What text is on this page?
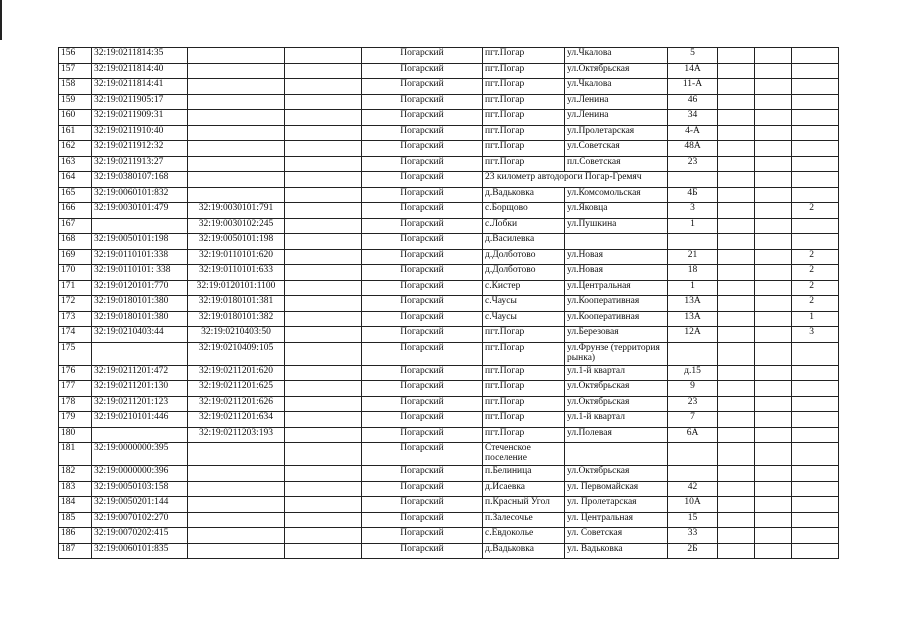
156	32:19:0211814:35			Погарский	пгт.Погар	ул.Чкалова	5			
157	32:19:0211814:40			Погарский	пгт.Погар	ул.Октябрьская	14А			
158	32:19:0211814:41			Погарский	пгт.Погар	ул.Чкалова	11-А			
159	32:19:0211905:17			Погарский	пгт.Погар	ул.Ленина	46			
160	32:19:0211909:31			Погарский	пгт.Погар	ул.Ленина	34			
161	32:19:0211910:40			Погарский	пгт.Погар	ул.Пролетарская	4-А			
162	32:19:0211912:32			Погарский	пгт.Погар	ул.Советская	48А			
163	32:19:0211913:27			Погарский	пгт.Погар	пл.Советская	23			
164	32:19:0380107:168			Погарский	23 километр автодороги Погар-Гремяч					
165	32:19:0060101:832			Погарский	д.Вадьковка	ул.Комсомольская	4Б			
166	32:19:0030101:479	32:19:0030101:791		Погарский	с.Борщово	ул.Яковца	3			2
167		32:19:0030102:245		Погарский	с.Лобки	ул.Пушкина	1			
168	32:19:0050101:198	32:19:0050101:198		Погарский	д.Василевка					
169	32:19:0110101:338	32:19:0110101:620		Погарский	д.Долботово	ул.Новая	21			2
170	32:19:0110101: 338	32:19:0110101:633		Погарский	д.Долботово	ул.Новая	18			2
171	32:19:0120101:770	32:19:0120101:1100		Погарский	с.Кистер	ул.Центральная	1			2
172	32:19:0180101:380	32:19:0180101:381		Погарский	с.Чаусы	ул.Кооперативная	13А			2
173	32:19:0180101:380	32:19:0180101:382		Погарский	с.Чаусы	ул.Кооперативная	13А			1
174	32:19:0210403:44	32:19:0210403:50		Погарский	пгт.Погар	ул.Березовая	12А			3
175		32:19:0210409:105		Погарский	пгт.Погар	ул.Фрунзе (территория рынка)				
176	32:19:0211201:472	32:19:0211201:620		Погарский	пгт.Погар	ул.1-й квартал	д.15			
177	32:19:0211201:130	32:19:0211201:625		Погарский	пгт.Погар	ул.Октябрьская	9			
178	32:19:0211201:123	32:19:0211201:626		Погарский	пгт.Погар	ул.Октябрьская	23			
179	32:19:0210101:446	32:19:0211201:634		Погарский	пгт.Погар	ул.1-й квартал	7			
180		32:19:0211203:193		Погарский	пгт.Погар	ул.Полевая	6А			
181	32:19:0000000:395			Погарский	Стеченское поселение					
182	32:19:0000000:396			Погарский	п.Белиница	ул.Октябрьская				
183	32:19:0050103:158			Погарский	д.Исаевка	ул. Первомайская	42			
184	32:19:0050201:144			Погарский	п.Красный Угол	ул. Пролетарская	10А			
185	32:19:0070102:270			Погарский	п.Залесочье	ул. Центральная	15			
186	32:19:0070202:415			Погарский	с.Евдоколье	ул. Советская	33			
187	32:19:0060101:835			Погарский	д.Вадьковка	ул. Вадьковка	2Б			
